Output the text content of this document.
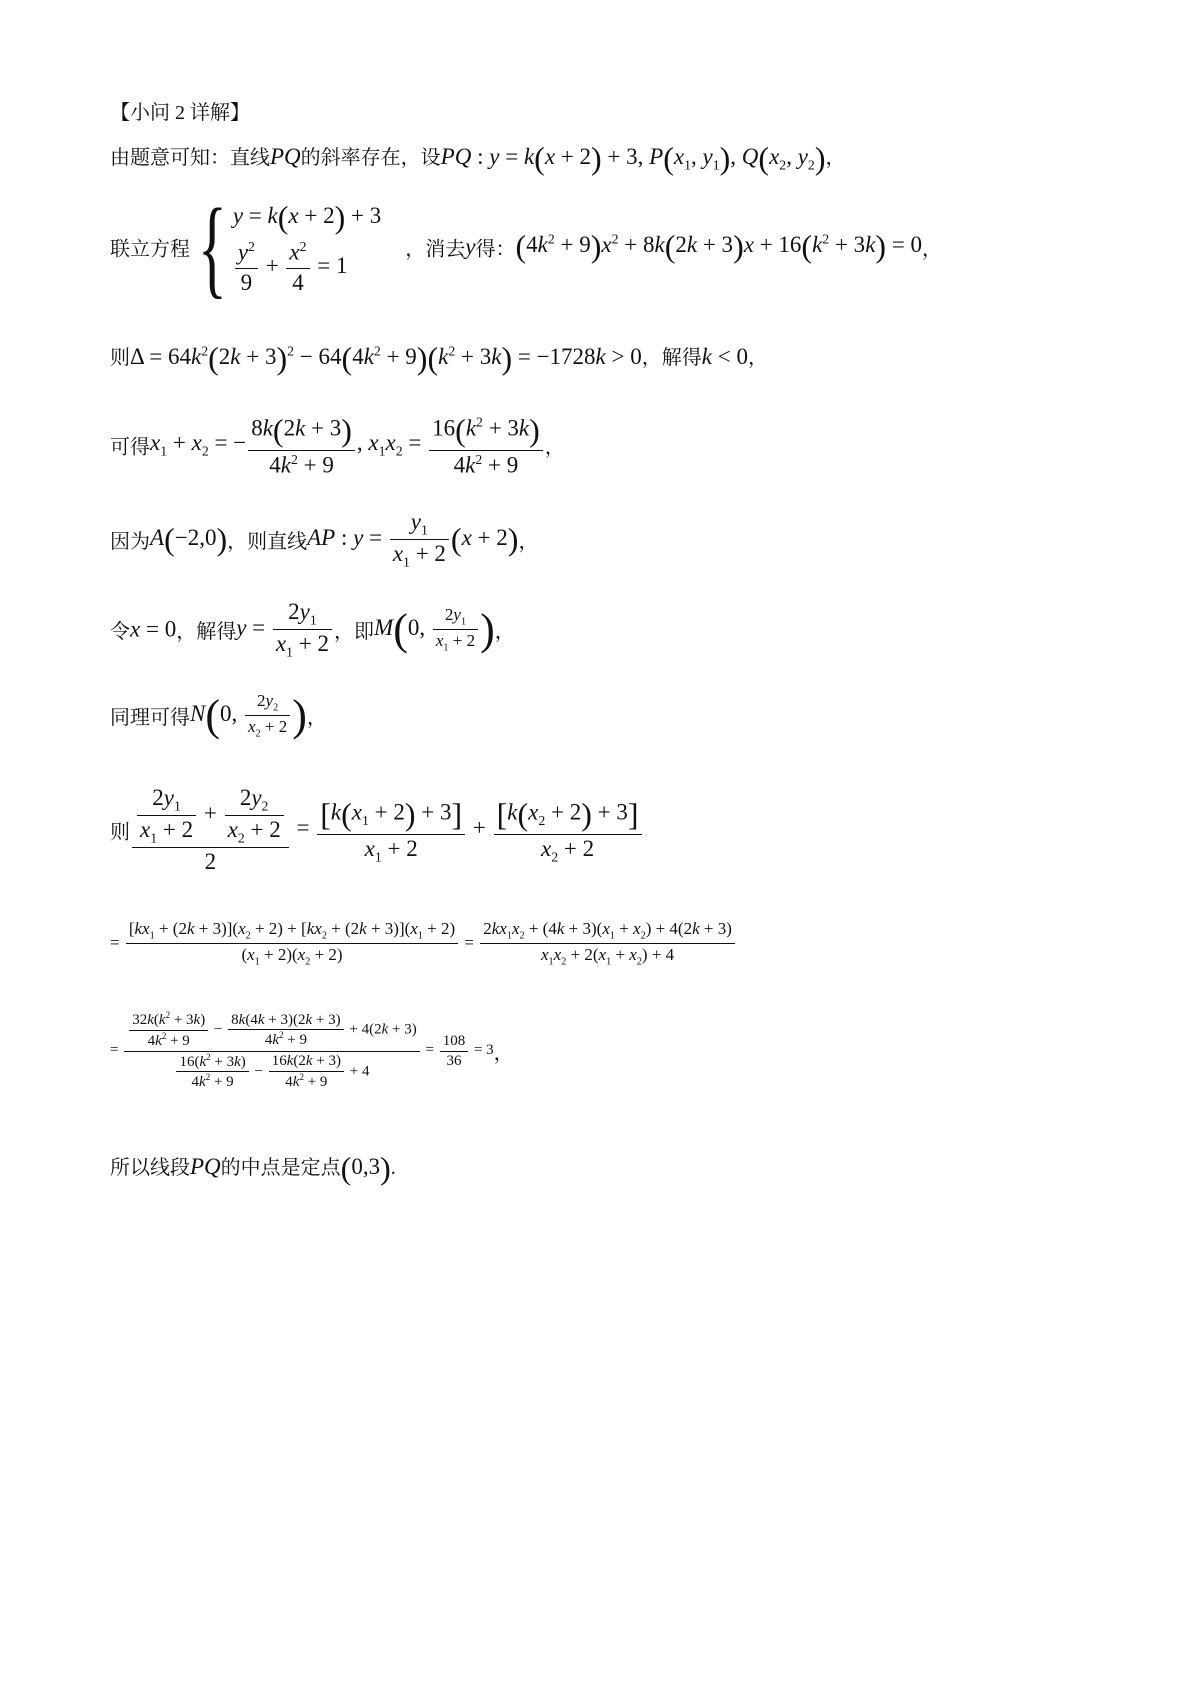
【小问 2 详解】
由题意可知：直线PQ的斜率存在，设PQ : y = k(x + 2) + 3, $P(x_1$, $y_1$), $Q(x_2$, $y_2$)，
联立方程{ y = k(x + 2) + 3
$\frac{y^2}{9} + \frac{x^2}{4} = 1$
，消去y得：$(4k^2 + 9)x^2 + 8k(2k + 3)x + 16(k^2 + 3k) = 0$，
则$\Delta = 64k^2(2k + 3)^2 - 64(4k^2 + 9)(k^2 + 3k) = -1728k > 0$，解得k < 0，
可得$x_1 + x_2$ = − $\frac{8k(2k + 3)}{4k^2 + 9}$ , $x_1x_2 = \frac{16(k^2 + 3k)}{4k^2 + 9}$ ，
因为A(−2,0)，则直线AP : $y = \frac{y_1}{x_1 + 2} (x + 2)$，
令x = 0，解得$y = \frac{2y_1}{x_1 + 2}$ ，即M(0, $\frac{2y_1}{x_1 + 2}$ )，
同理可得N(0, $\frac{2y_2}{x_2 + 2}$ )，
则 $\frac{\frac{2y_1}{x_1 + 2} + \frac{2y_2}{x_2 + 2}}{2} = \frac{[k(x_1 + 2) + 3]}{x_1 + 2} + \frac{[k(x_2 + 2) + 3]}{x_2 + 2}$
= $\frac{[kx_1 + (2k + 3)](x_2 + 2) + [kx_2 + (2k + 3)](x_1 + 2)}{(x_1 + 2)(x_2 + 2)} = \frac{2kx_1x_2 + (4k + 3)(x_1 + x_2) + 4(2k + 3)}{x_1x_2 + 2(x_1 + x_2) + 4}$
= $\frac{\frac{32k(k^2 + 3k)}{4k^2 + 9} - \frac{8k(4k + 3)(2k + 3)}{4k^2 + 9} + 4(2k + 3)}{\frac{16(k^2 + 3k)}{4k^2 + 9} - \frac{16k(2k + 3)}{4k^2 + 9} + 4} = \frac{108}{36} = 3$，
所以线段PQ的中点是定点(0,3).
